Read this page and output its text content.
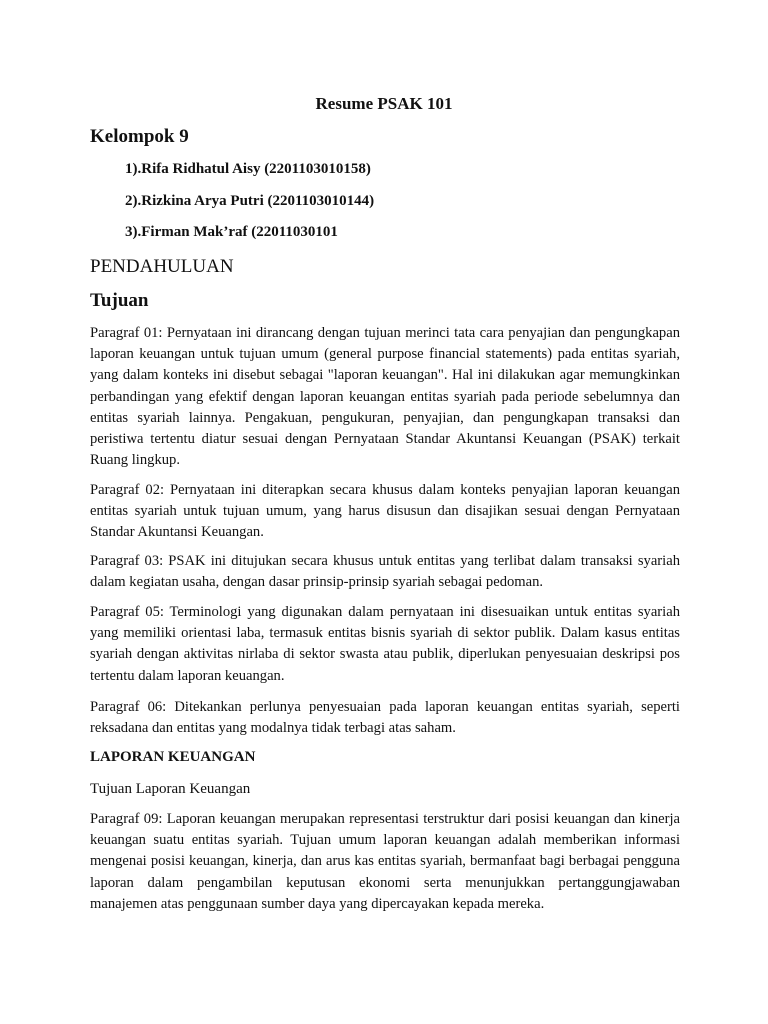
Resume PSAK 101
Kelompok 9
1).Rifa Ridhatul Aisy (2201103010158)
2).Rizkina Arya Putri (2201103010144)
3).Firman Mak’raf (22011030101
PENDAHULUAN
Tujuan

Paragraf 01: Pernyataan ini dirancang dengan tujuan merinci tata cara penyajian dan pengungkapan laporan keuangan untuk tujuan umum (general purpose financial statements) pada entitas syariah, yang dalam konteks ini disebut sebagai "laporan keuangan". Hal ini dilakukan agar memungkinkan perbandingan yang efektif dengan laporan keuangan entitas syariah pada periode sebelumnya dan entitas syariah lainnya. Pengakuan, pengukuran, penyajian, dan pengungkapan transaksi dan peristiwa tertentu diatur sesuai dengan Pernyataan Standar Akuntansi Keuangan (PSAK) terkait Ruang lingkup.

Paragraf 02: Pernyataan ini diterapkan secara khusus dalam konteks penyajian laporan keuangan entitas syariah untuk tujuan umum, yang harus disusun dan disajikan sesuai dengan Pernyataan Standar Akuntansi Keuangan.

Paragraf 03: PSAK ini ditujukan secara khusus untuk entitas yang terlibat dalam transaksi syariah dalam kegiatan usaha, dengan dasar prinsip-prinsip syariah sebagai pedoman.

Paragraf 05: Terminologi yang digunakan dalam pernyataan ini disesuaikan untuk entitas syariah yang memiliki orientasi laba, termasuk entitas bisnis syariah di sektor publik. Dalam kasus entitas syariah dengan aktivitas nirlaba di sektor swasta atau publik, diperlukan penyesuaian deskripsi pos tertentu dalam laporan keuangan.

Paragraf 06: Ditekankan perlunya penyesuaian pada laporan keuangan entitas syariah, seperti reksadana dan entitas yang modalnya tidak terbagi atas saham.

LAPORAN KEUANGAN
Tujuan Laporan Keuangan

Paragraf 09: Laporan keuangan merupakan representasi terstruktur dari posisi keuangan dan kinerja keuangan suatu entitas syariah. Tujuan umum laporan keuangan adalah memberikan informasi mengenai posisi keuangan, kinerja, dan arus kas entitas syariah, bermanfaat bagi berbagai pengguna laporan dalam pengambilan keputusan ekonomi serta menunjukkan pertanggungjawaban manajemen atas penggunaan sumber daya yang dipercayakan kepada mereka.
